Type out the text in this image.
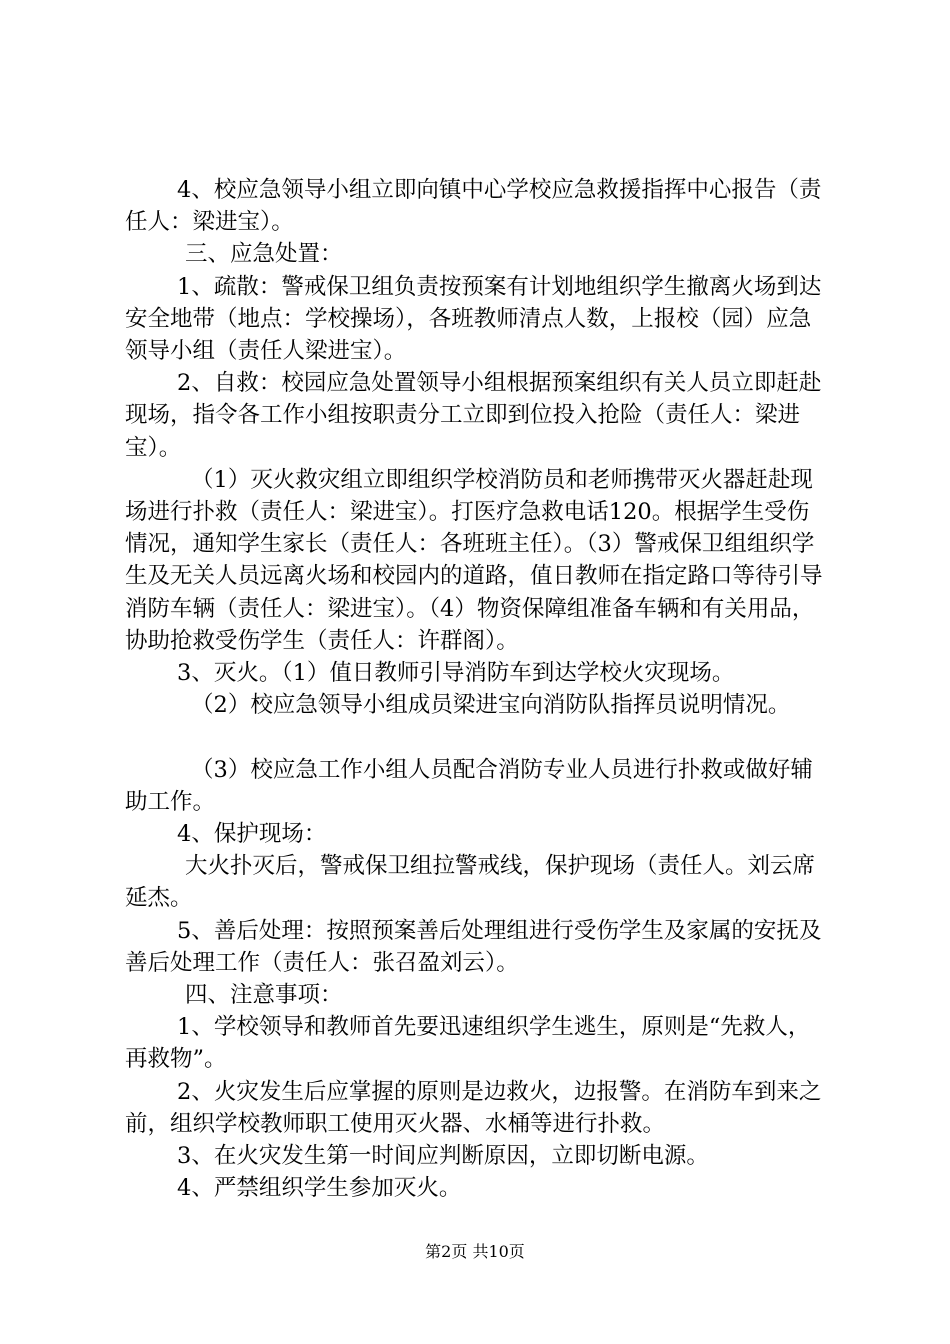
4、校应急领导小组立即向镇中心学校应急救援指挥中心报告（责任人：梁进宝）。

三、应急处置：

1、疏散：警戒保卫组负责按预案有计划地组织学生撤离火场到达安全地带（地点：学校操场），各班教师清点人数，上报校（园）应急领导小组（责任人梁进宝）。

2、自救：校园应急处置领导小组根据预案组织有关人员立即赶赴现场，指令各工作小组按职责分工立即到位投入抢险（责任人：梁进宝）。

（1）灭火救灾组立即组织学校消防员和老师携带灭火器赶赴现场进行扑救（责任人：梁进宝）。打医疗急救电话120。根据学生受伤情况，通知学生家长（责任人：各班班主任）。（3）警戒保卫组组织学生及无关人员远离火场和校园内的道路，值日教师在指定路口等待引导消防车辆（责任人：梁进宝）。（4）物资保障组准备车辆和有关用品，协助抢救受伤学生（责任人：许群阁）。

3、灭火。（1）值日教师引导消防车到达学校火灾现场。

（2）校应急领导小组成员梁进宝向消防队指挥员说明情况。

（3）校应急工作小组人员配合消防专业人员进行扑救或做好辅助工作。

4、保护现场：

大火扑灭后，警戒保卫组拉警戒线，保护现场（责任人。刘云席延杰。

5、善后处理：按照预案善后处理组进行受伤学生及家属的安抚及善后处理工作（责任人：张召盈刘云）。

四、注意事项：

1、学校领导和教师首先要迅速组织学生逃生，原则是“先救人，再救物”。

2、火灾发生后应掌握的原则是边救火，边报警。在消防车到来之前，组织学校教师职工使用灭火器、水桶等进行扑救。

3、在火灾发生第一时间应判断原因，立即切断电源。

4、严禁组织学生参加灭火。

第2页 共10页
